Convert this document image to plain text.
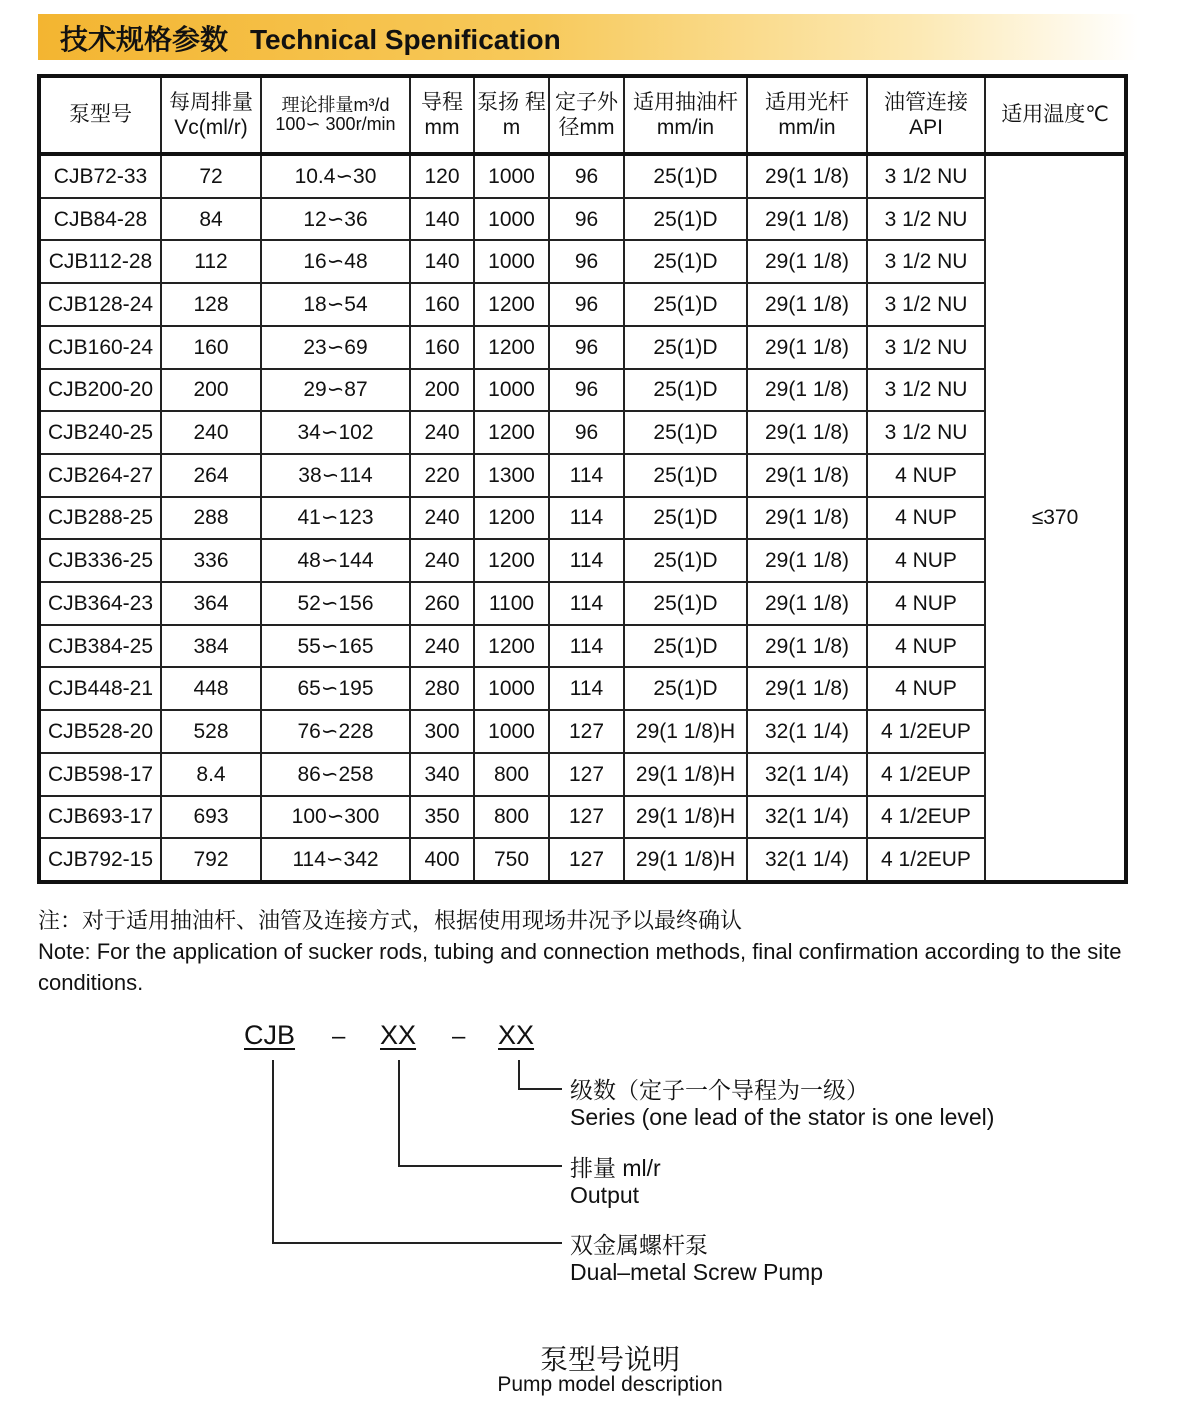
技术规格参数 Technical Spenification
泵型号	每周排量 Vc(ml/r)	理论排量m³/d 100∽ 300r/min	导程 mm	泵扬 程m	定子外 径mm	适用抽油杆 mm/in	适用光杆 mm/in	油管连接 API	适用温度℃
CJB72-33	72	10.4∽30	120	1000	96	25(1)D	29(1 1/8)	3 1/2 NU	≤370
CJB84-28	84	12∽36	140	1000	96	25(1)D	29(1 1/8)	3 1/2 NU	
CJB112-28	112	16∽48	140	1000	96	25(1)D	29(1 1/8)	3 1/2 NU	
CJB128-24	128	18∽54	160	1200	96	25(1)D	29(1 1/8)	3 1/2 NU	
CJB160-24	160	23∽69	160	1200	96	25(1)D	29(1 1/8)	3 1/2 NU	
CJB200-20	200	29∽87	200	1000	96	25(1)D	29(1 1/8)	3 1/2 NU	
CJB240-25	240	34∽102	240	1200	96	25(1)D	29(1 1/8)	3 1/2 NU	
CJB264-27	264	38∽114	220	1300	114	25(1)D	29(1 1/8)	4 NUP	
CJB288-25	288	41∽123	240	1200	114	25(1)D	29(1 1/8)	4 NUP	
CJB336-25	336	48∽144	240	1200	114	25(1)D	29(1 1/8)	4 NUP	
CJB364-23	364	52∽156	260	1100	114	25(1)D	29(1 1/8)	4 NUP	
CJB384-25	384	55∽165	240	1200	114	25(1)D	29(1 1/8)	4 NUP	
CJB448-21	448	65∽195	280	1000	114	25(1)D	29(1 1/8)	4 NUP	
CJB528-20	528	76∽228	300	1000	127	29(1 1/8)H	32(1 1/4)	4 1/2EUP	
CJB598-17	8.4	86∽258	340	800	127	29(1 1/8)H	32(1 1/4)	4 1/2EUP	
CJB693-17	693	100∽300	350	800	127	29(1 1/8)H	32(1 1/4)	4 1/2EUP	
CJB792-15	792	114∽342	400	750	127	29(1 1/8)H	32(1 1/4)	4 1/2EUP	
注：对于适用抽油杆、油管及连接方式，根据使用现场井况予以最终确认
Note: For the application of sucker rods, tubing and connection methods, final confirmation according to the site conditions.
CJB – XX – XX
级数（定子一个导程为一级）
Series (one lead of the stator is one level)
排量 ml/r
Output
双金属螺杆泵
Dual–metal Screw Pump
泵型号说明
Pump model description
